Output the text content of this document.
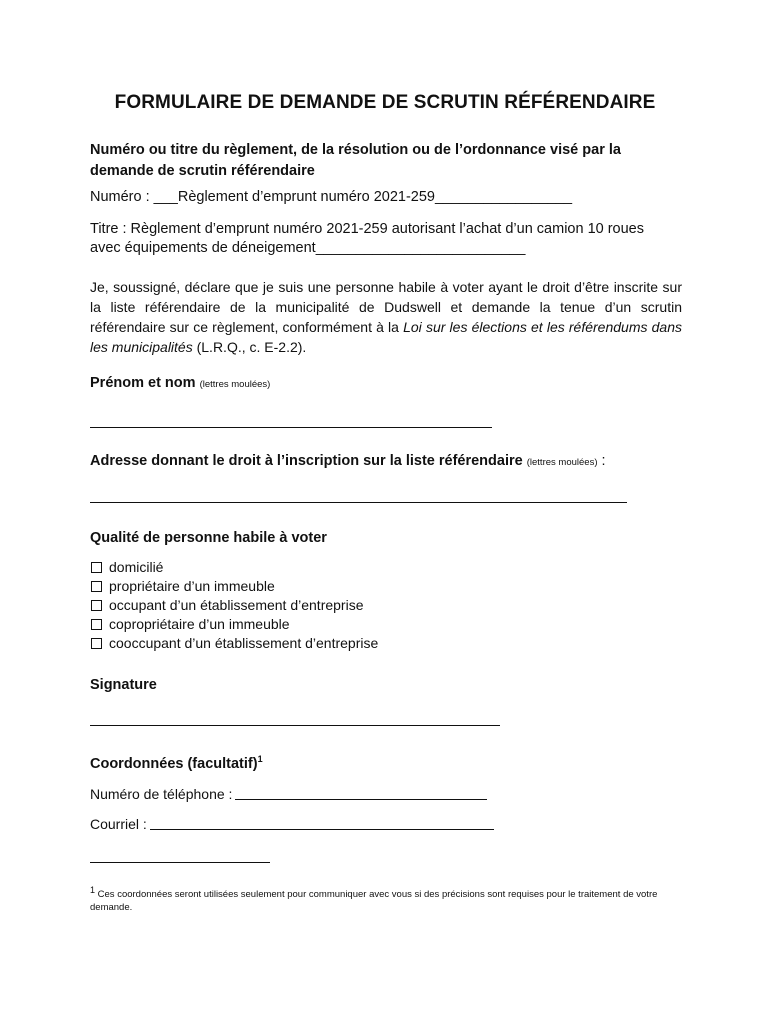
FORMULAIRE DE DEMANDE DE SCRUTIN RÉFÉRENDAIRE
Numéro ou titre du règlement, de la résolution ou de l’ordonnance visé par la
demande de scrutin référendaire
Numéro : ___Règlement d’emprunt numéro 2021-259_________________
Titre : Règlement d’emprunt numéro 2021-259 autorisant l’achat d’un camion 10 roues
avec équipements de déneigement__________________________
Je, soussigné, déclare que je suis une personne habile à voter ayant le droit d’être inscrite sur la liste référendaire de la municipalité de Dudswell et demande la tenue d’un scrutin référendaire sur ce règlement, conformément à la Loi sur les élections et les référendums dans les municipalités (L.R.Q., c. E-2.2).
Prénom et nom (lettres moulées)
Adresse donnant le droit à l’inscription sur la liste référendaire (lettres moulées) :
Qualité de personne habile à voter
domicilié
propriétaire d’un immeuble
occupant d’un établissement d’entreprise
copropriétaire d’un immeuble
cooccupant d’un établissement d’entreprise
Signature
Coordonnées (facultatif)$^1$
Numéro de téléphone :
Courriel :
$^1$ Ces coordonnées seront utilisées seulement pour communiquer avec vous si des précisions sont requises pour le traitement de votre demande.
